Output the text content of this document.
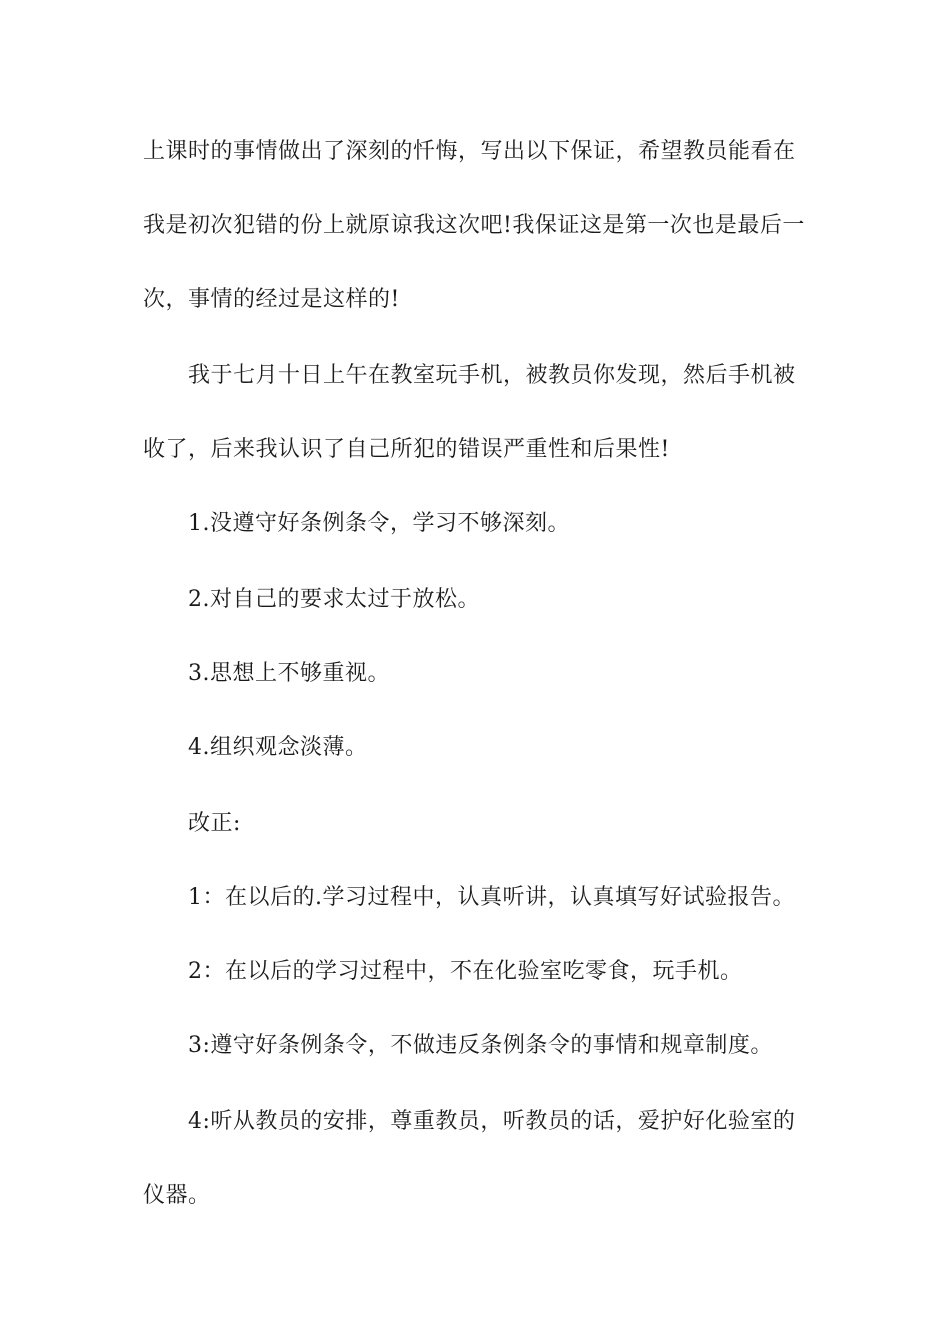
上课时的事情做出了深刻的忏悔，写出以下保证，希望教员能看在
我是初次犯错的份上就原谅我这次吧!我保证这是第一次也是最后一
次，事情的经过是这样的!
我于七月十日上午在教室玩手机，被教员你发现，然后手机被
收了，后来我认识了自己所犯的错误严重性和后果性!
1.没遵守好条例条令，学习不够深刻。
2.对自己的要求太过于放松。
3.思想上不够重视。
4.组织观念淡薄。
改正:
1：在以后的.学习过程中，认真听讲，认真填写好试验报告。
2：在以后的学习过程中，不在化验室吃零食，玩手机。
3:遵守好条例条令，不做违反条例条令的事情和规章制度。
4:听从教员的安排，尊重教员，听教员的话，爱护好化验室的
仪器。
